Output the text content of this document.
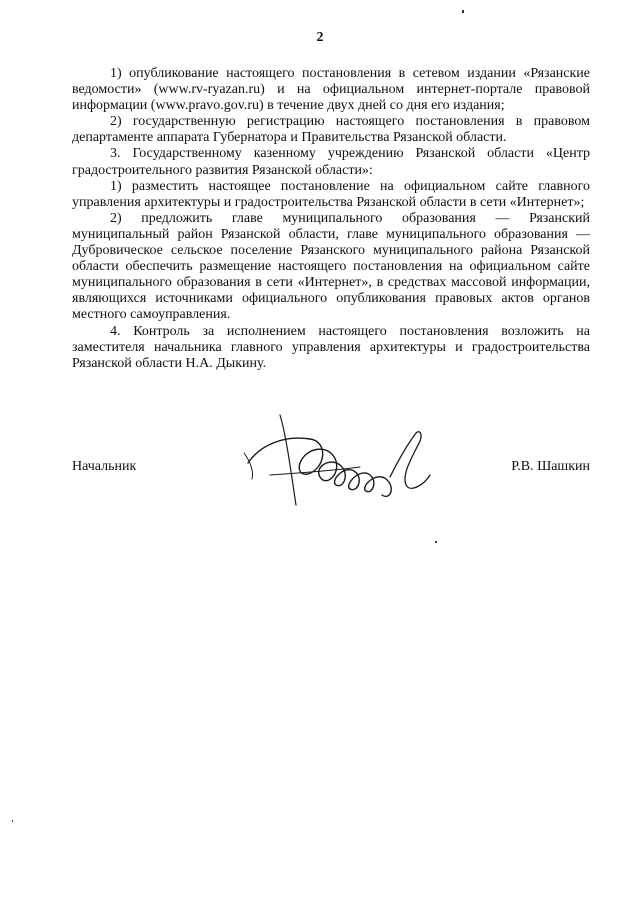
2

1) опубликование настоящего постановления в сетевом издании «Рязанские ведомости» (www.rv-ryazan.ru) и на официальном интернет-портале правовой информации (www.pravo.gov.ru) в течение двух дней со дня его издания;

2) государственную регистрацию настоящего постановления в правовом департаменте аппарата Губернатора и Правительства Рязанской области.

3. Государственному казенному учреждению Рязанской области «Центр градостроительного развития Рязанской области»:

1) разместить настоящее постановление на официальном сайте главного управления архитектуры и градостроительства Рязанской области в сети «Интернет»;

2) предложить главе муниципального образования — Рязанский муниципальный район Рязанской области, главе муниципального образования — Дубровическое сельское поселение Рязанского муниципального района Рязанской области обеспечить размещение настоящего постановления на официальном сайте муниципального образования в сети «Интернет», в средствах массовой информации, являющихся источниками официального опубликования правовых актов органов местного самоуправления.

4. Контроль за исполнением настоящего постановления возложить на заместителя начальника главного управления архитектуры и градостроительства Рязанской области Н.А. Дыкину.

Начальник	Р.В. Шашкин
